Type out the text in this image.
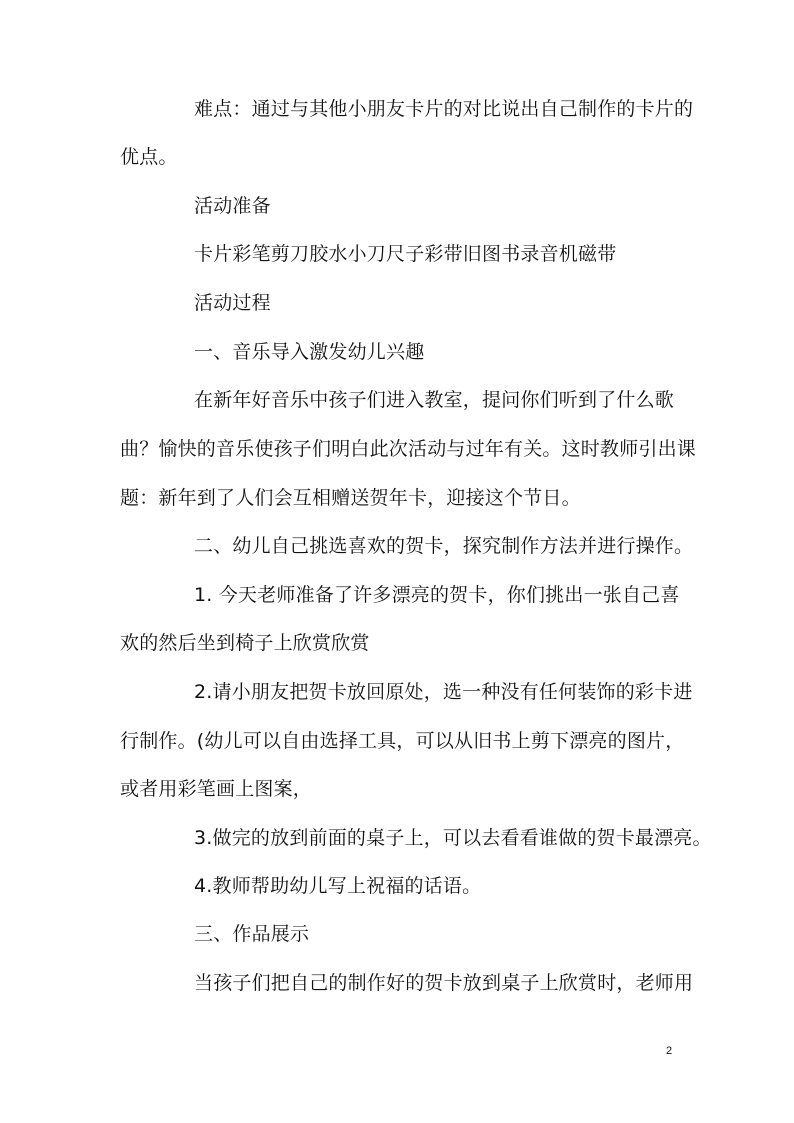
难点：通过与其他小朋友卡片的对比说出自己制作的卡片的
优点。
活动准备
卡片彩笔剪刀胶水小刀尺子彩带旧图书录音机磁带
活动过程
一、音乐导入激发幼儿兴趣
在新年好音乐中孩子们进入教室，提问你们听到了什么歌
曲？愉快的音乐使孩子们明白此次活动与过年有关。这时教师引出课
题：新年到了人们会互相赠送贺年卡，迎接这个节日。
二、幼儿自己挑选喜欢的贺卡，探究制作方法并进行操作。
1. 今天老师准备了许多漂亮的贺卡，你们挑出一张自己喜
欢的然后坐到椅子上欣赏欣赏
2.请小朋友把贺卡放回原处，选一种没有任何装饰的彩卡进
行制作。(幼儿可以自由选择工具，可以从旧书上剪下漂亮的图片，
或者用彩笔画上图案，
3.做完的放到前面的桌子上，可以去看看谁做的贺卡最漂亮。
4.教师帮助幼儿写上祝福的话语。
三、作品展示
当孩子们把自己的制作好的贺卡放到桌子上欣赏时，老师用
2
